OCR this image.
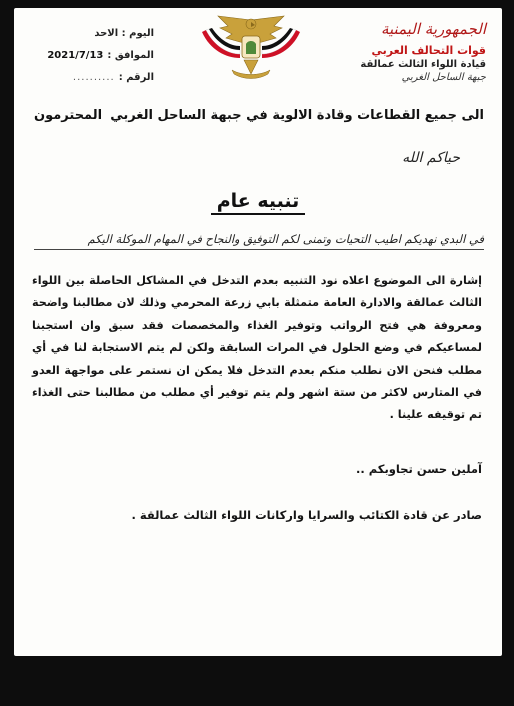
الجمهورية اليمنية
قوات التحالف العربي
قيادة اللواء الثالث عمالقة
جبهة الساحل الغربي
اليوم : الاحد
الموافق :
2021/7/13
الرقم :
..........
الى جميع القطاعات وقادة الالوية في جبهة الساحل الغربي
المحترمون
حياكم الله
تنبيه عام
في البدي نهديكم اطيب التحيات وتمنى لكم التوفيق والنجاح في المهام الموكلة اليكم
إشارة الى الموضوع اعلاه نود التنبيه بعدم التدخل في المشاكل الحاصلة بين اللواء الثالث عمالقة والادارة العامة متمثلة بابي زرعة المحرمي وذلك لان مطالبنا واضحة ومعروفة هي فتح الرواتب وتوفير الغذاء والمخصصات فقد سبق وان استجبنا لمساعيكم في وضع الحلول في المرات السابقة ولكن لم يتم الاستجابة لنا في أي مطلب فنحن الان نطلب منكم بعدم التدخل فلا يمكن ان نستمر على مواجهة العدو في المتارس لاكثر من ستة اشهر ولم يتم توفير أي مطلب من مطالبنا حتى الغذاء تم توقيفه علينا .
آملين حسن تجاوبكم ..
صادر عن قادة الكتائب والسرايا واركانات اللواء الثالث عمالقة .
